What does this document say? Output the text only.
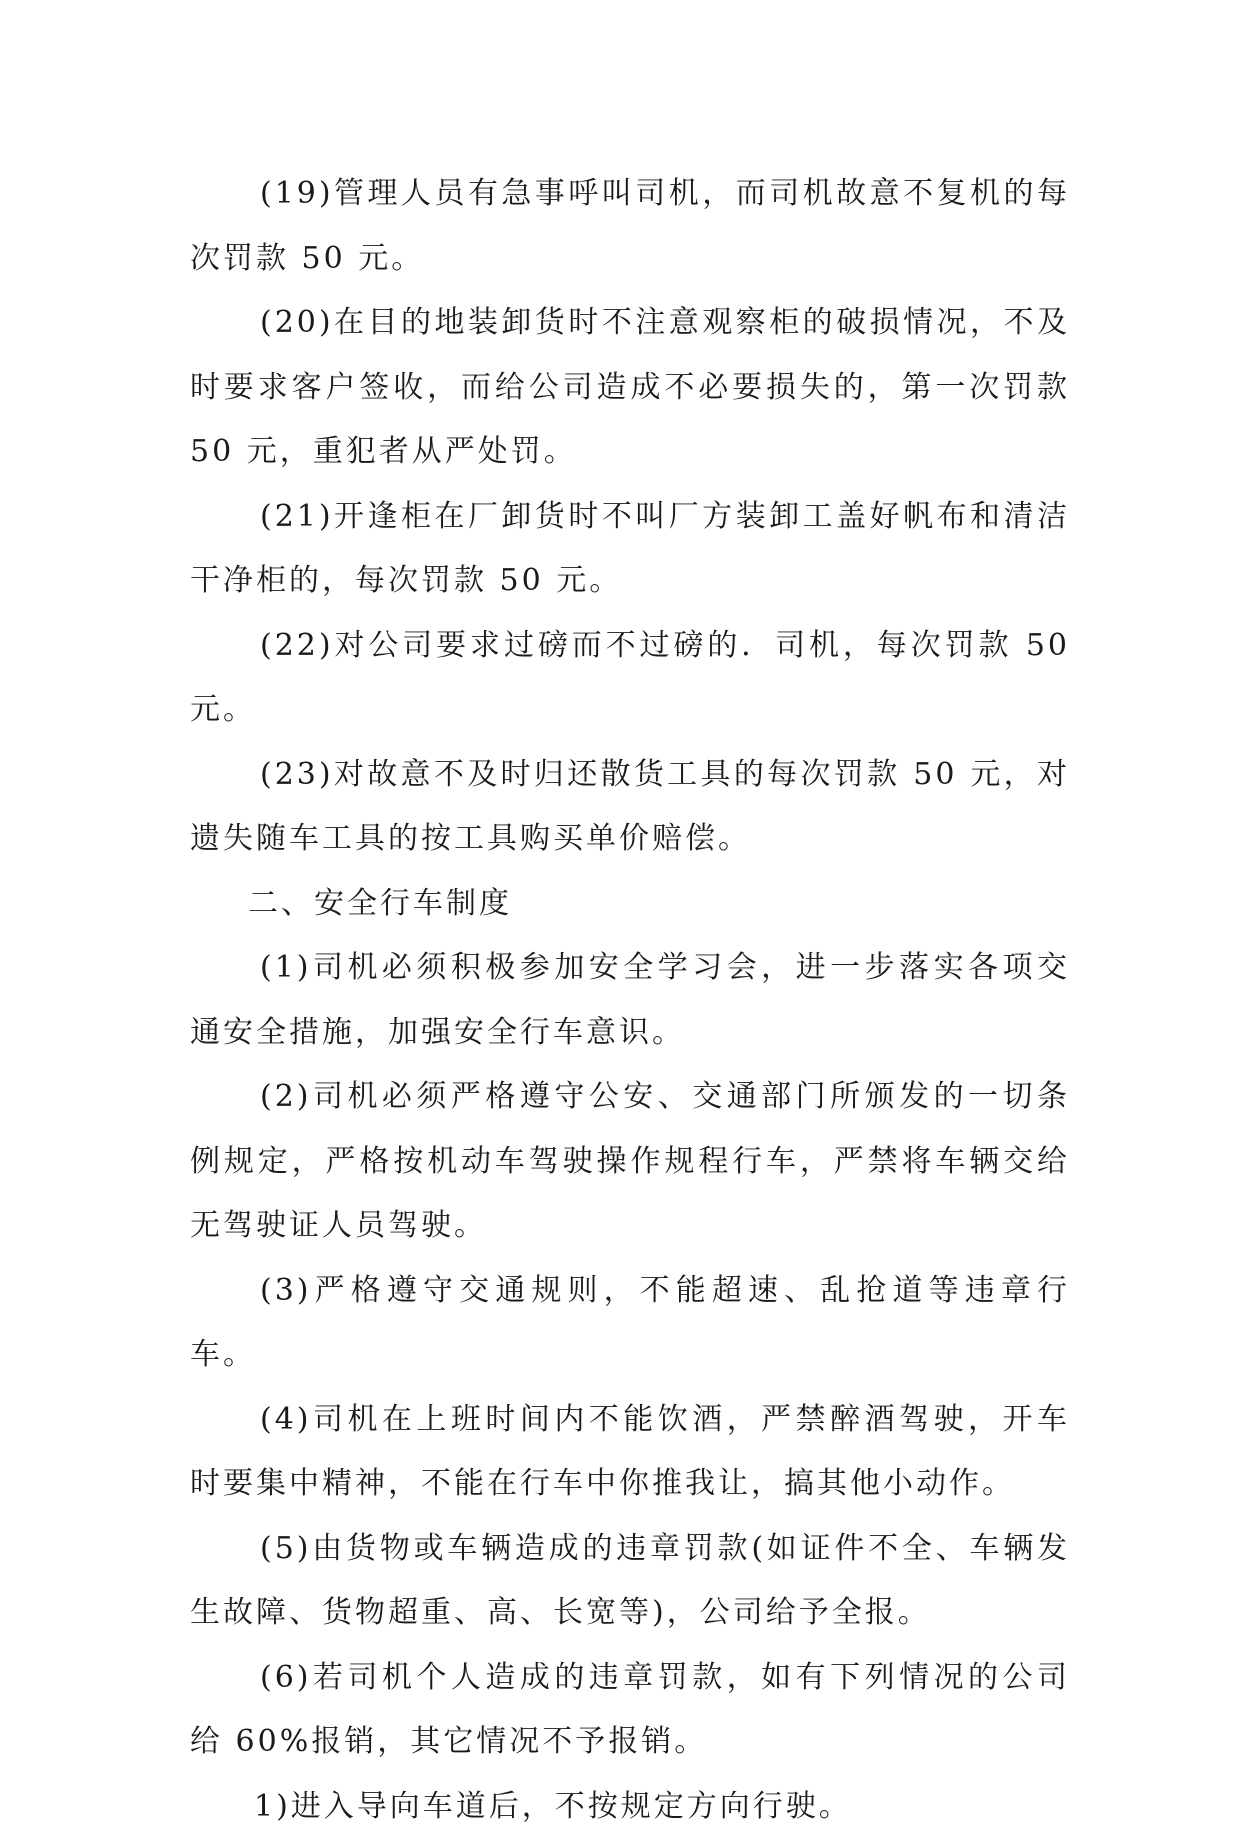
(19)管理人员有急事呼叫司机，而司机故意不复机的每次罚款 50 元。

(20)在目的地装卸货时不注意观察柜的破损情况，不及时要求客户签收，而给公司造成不必要损失的，第一次罚款 50 元，重犯者从严处罚。

(21)开逢柜在厂卸货时不叫厂方装卸工盖好帆布和清洁干净柜的，每次罚款 50 元。

(22)对公司要求过磅而不过磅的．司机，每次罚款 50 元。

(23)对故意不及时归还散货工具的每次罚款 50 元，对遗失随车工具的按工具购买单价赔偿。

二、安全行车制度

(1)司机必须积极参加安全学习会，进一步落实各项交通安全措施，加强安全行车意识。

(2)司机必须严格遵守公安、交通部门所颁发的一切条例规定，严格按机动车驾驶操作规程行车，严禁将车辆交给无驾驶证人员驾驶。

(3)严格遵守交通规则，不能超速、乱抢道等违章行车。

(4)司机在上班时间内不能饮酒，严禁醉酒驾驶，开车时要集中精神，不能在行车中你推我让，搞其他小动作。

(5)由货物或车辆造成的违章罚款(如证件不全、车辆发生故障、货物超重、高、长宽等)，公司给予全报。

(6)若司机个人造成的违章罚款，如有下列情况的公司给 60%报销，其它情况不予报销。

1)进入导向车道后，不按规定方向行驶。
